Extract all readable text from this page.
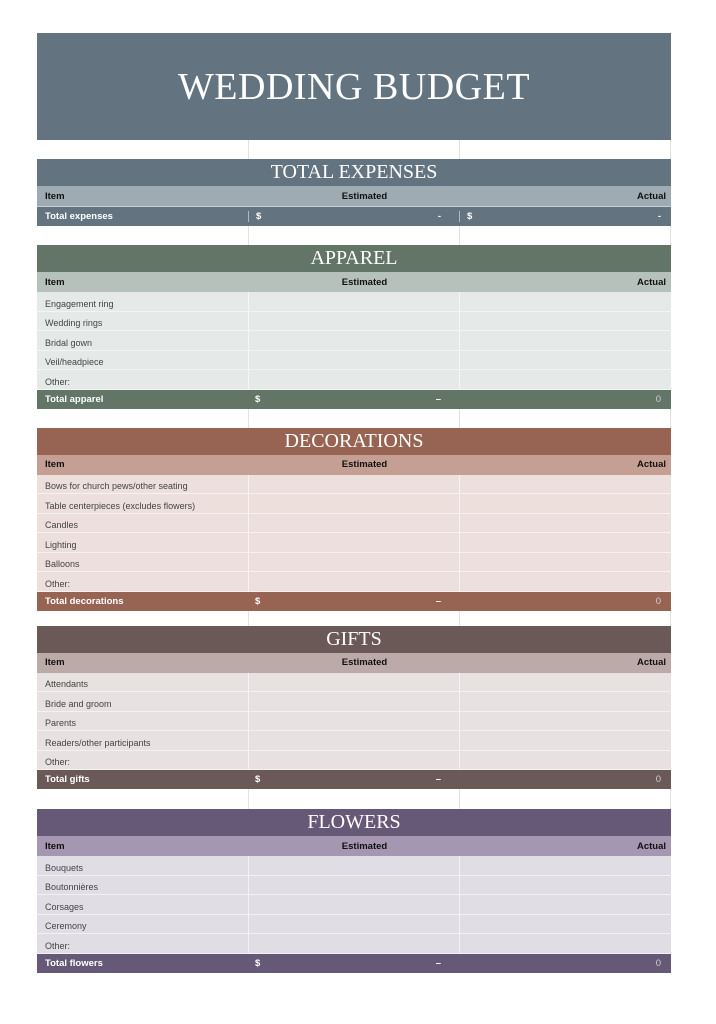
WEDDING BUDGET
TOTAL EXPENSES
Item	Estimated	Actual
Total expenses	$	-	$	-
APPAREL
Item	Estimated	Actual
Engagement ring
Wedding rings
Bridal gown
Veil/headpiece
Other:
Total apparel	$	–	0
DECORATIONS
Item	Estimated	Actual
Bows for church pews/other seating
Table centerpieces (excludes flowers)
Candles
Lighting
Balloons
Other:
Total decorations	$	–	0
GIFTS
Item	Estimated	Actual
Attendants
Bride and groom
Parents
Readers/other participants
Other:
Total gifts	$	–	0
FLOWERS
Item	Estimated	Actual
Bouquets
Boutonnières
Corsages
Ceremony
Other:
Total flowers	$	–	0
